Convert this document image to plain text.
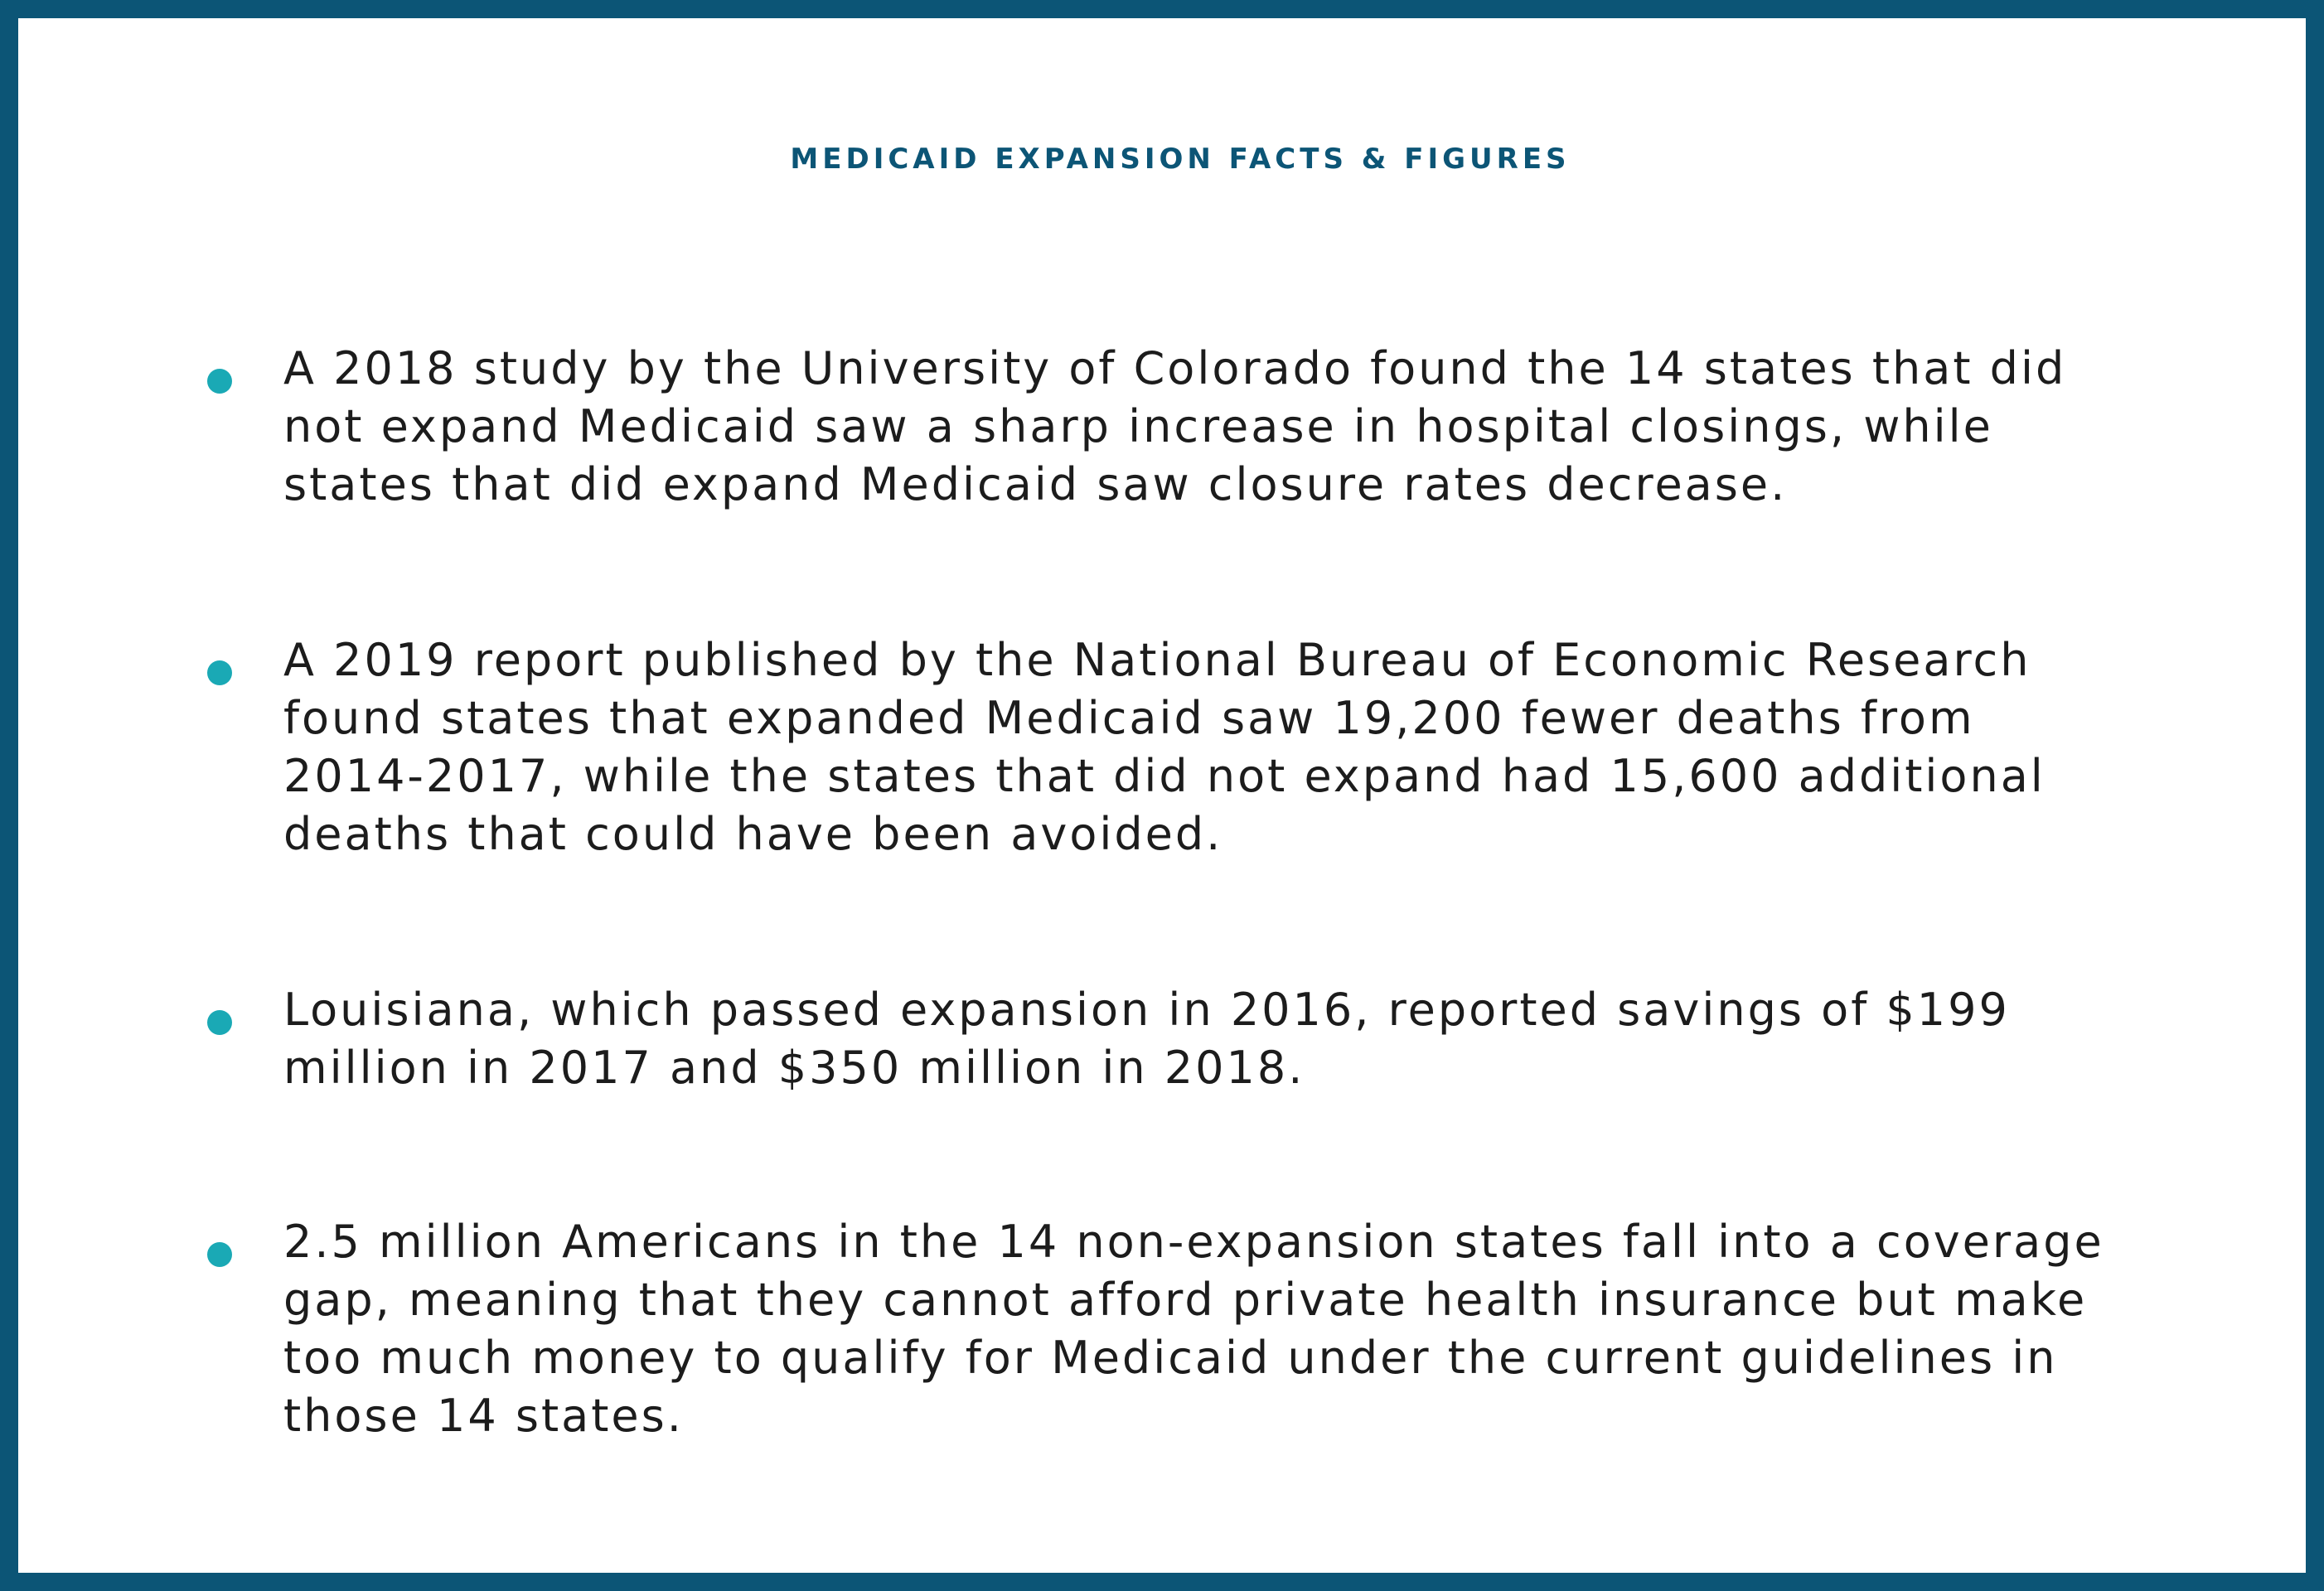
MEDICAID EXPANSION FACTS & FIGURES
A 2018 study by the University of Colorado found the 14 states that did
not expand Medicaid saw a sharp increase in hospital closings, while
states that did expand Medicaid saw closure rates decrease.
A 2019 report published by the National Bureau of Economic Research
found states that expanded Medicaid saw 19,200 fewer deaths from
2014-2017, while the states that did not expand had 15,600 additional
deaths that could have been avoided.
Louisiana, which passed expansion in 2016, reported savings of $199
million in 2017 and $350 million in 2018.
2.5 million Americans in the 14 non-expansion states fall into a coverage
gap, meaning that they cannot afford private health insurance but make
too much money to qualify for Medicaid under the current guidelines in
those 14 states.
